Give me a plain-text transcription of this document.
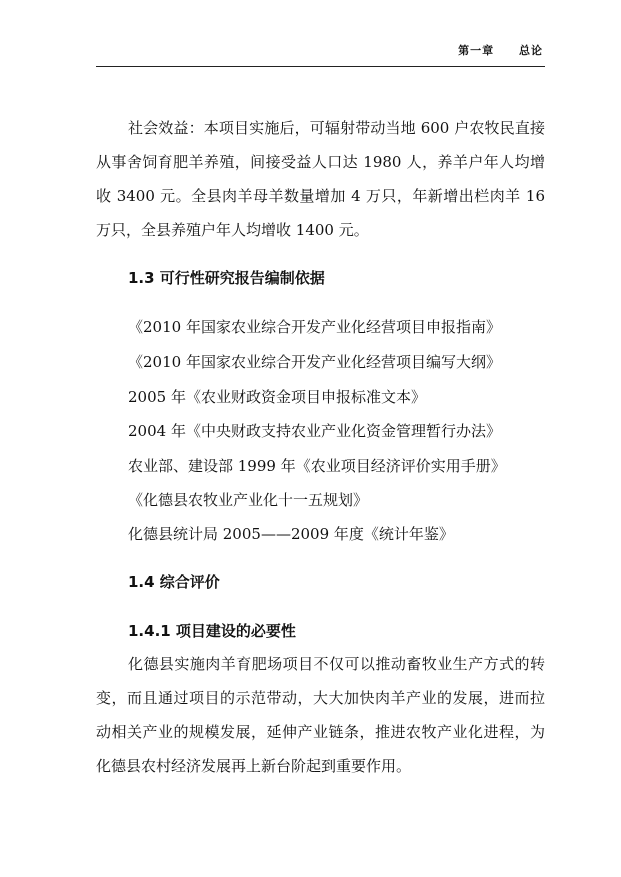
第一章 总论

社会效益：本项目实施后，可辐射带动当地 600 户农牧民直接从事舍饲育肥羊养殖，间接受益人口达 1980 人，养羊户年人均增收 3400 元。全县肉羊母羊数量增加 4 万只，年新增出栏肉羊 16 万只，全县养殖户年人均增收 1400 元。

1.3 可行性研究报告编制依据

《2010 年国家农业综合开发产业化经营项目申报指南》

《2010 年国家农业综合开发产业化经营项目编写大纲》

2005 年《农业财政资金项目申报标准文本》

2004 年《中央财政支持农业产业化资金管理暂行办法》

农业部、建设部 1999 年《农业项目经济评价实用手册》

《化德县农牧业产业化十一五规划》

化德县统计局 2005——2009 年度《统计年鉴》

1.4 综合评价
1.4.1 项目建设的必要性

化德县实施肉羊育肥场项目不仅可以推动畜牧业生产方式的转变，而且通过项目的示范带动，大大加快肉羊产业的发展，进而拉动相关产业的规模发展，延伸产业链条，推进农牧产业化进程，为化德县农村经济发展再上新台阶起到重要作用。
